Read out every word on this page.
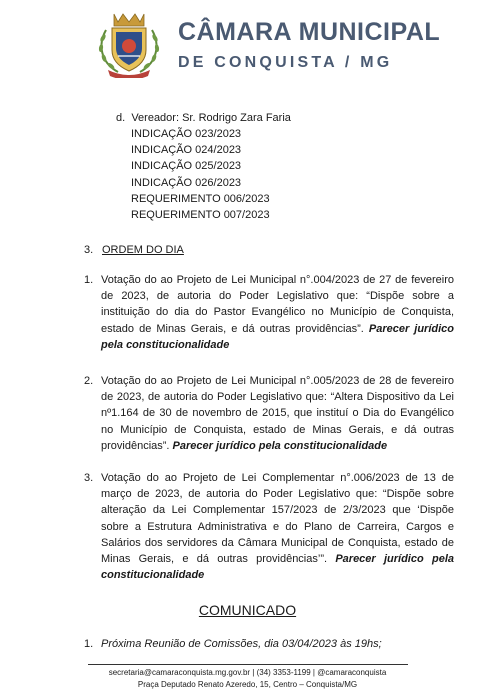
CÂMARA MUNICIPAL
DE CONQUISTA / MG
d. Vereador: Sr. Rodrigo Zara Faria
INDICAÇÃO 023/2023
INDICAÇÃO 024/2023
INDICAÇÃO 025/2023
INDICAÇÃO 026/2023
REQUERIMENTO 006/2023
REQUERIMENTO 007/2023
3. ORDEM DO DIA
1. Votação do ao Projeto de Lei Municipal n°.004/2023 de 27 de fevereiro de 2023, de autoria do Poder Legislativo que: “Dispõe sobre a instituição do dia do Pastor Evangélico no Município de Conquista, estado de Minas Gerais, e dá outras providências”. Parecer jurídico pela constitucionalidade
2. Votação do ao Projeto de Lei Municipal n°.005/2023 de 28 de fevereiro de 2023, de autoria do Poder Legislativo que: “Altera Dispositivo da Lei nº1.164 de 30 de novembro de 2015, que instituí o Dia do Evangélico no Município de Conquista, estado de Minas Gerais, e dá outras providências”. Parecer jurídico pela constitucionalidade
3. Votação do ao Projeto de Lei Complementar n°.006/2023 de 13 de março de 2023, de autoria do Poder Legislativo que: “Dispõe sobre alteração da Lei Complementar 157/2023 de 2/3/2023 que ‘Dispõe sobre a Estrutura Administrativa e do Plano de Carreira, Cargos e Salários dos servidores da Câmara Municipal de Conquista, estado de Minas Gerais, e dá outras providências’”. Parecer jurídico pela constitucionalidade
COMUNICADO
1. Próxima Reunião de Comissões, dia 03/04/2023 às 19hs;
secretaria@camaraconquista.mg.gov.br | (34) 3353-1199 | @camaraconquista
Praça Deputado Renato Azeredo, 15, Centro – Conquista/MG
